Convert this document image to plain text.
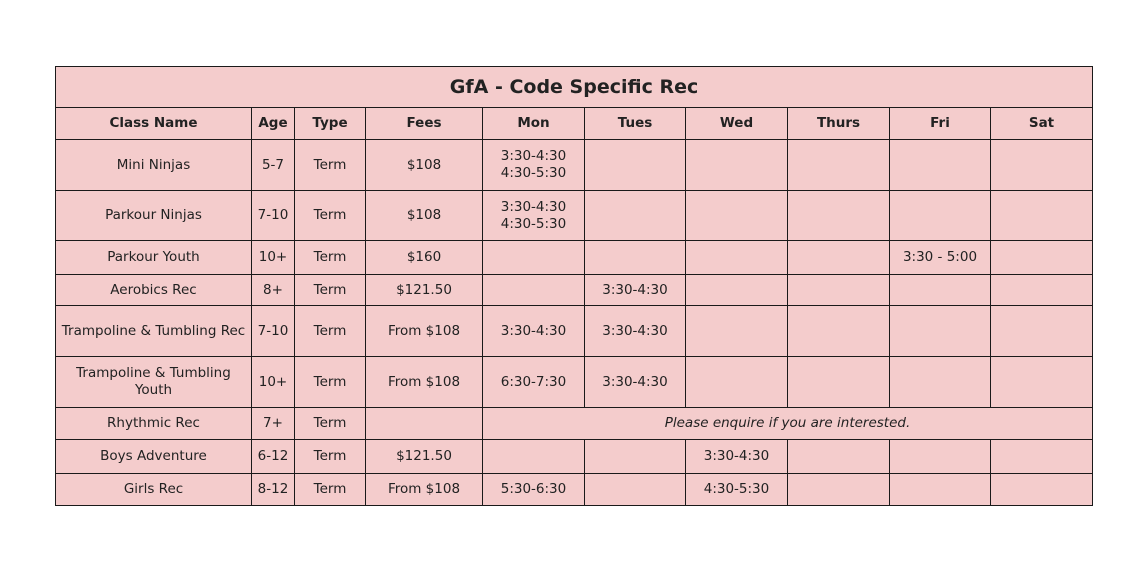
GfA - Code Specific Rec									
Class Name	Age	Type	Fees	Mon	Tues	Wed	Thurs	Fri	Sat
Mini Ninjas	5-7	Term	$108	3:30-4:30
4:30-5:30					

Parkour Ninjas	7-10	Term	$108	3:30-4:30
4:30-5:30					

Parkour Youth	10+	Term	$160					3:30 - 5:00	

Aerobics Rec	8+	Term	$121.50		3:30-4:30				

Trampoline & Tumbling Rec	7-10	Term	From $108	3:30-4:30	3:30-4:30				

Trampoline & Tumbling Youth	10+	Term	From $108	6:30-7:30	3:30-4:30				

Rhythmic Rec	7+	Term		Please enquire if you are interested.					
Boys Adventure	6-12	Term	$121.50			3:30-4:30			

Girls Rec	8-12	Term	From $108	5:30-6:30		4:30-5:30			
